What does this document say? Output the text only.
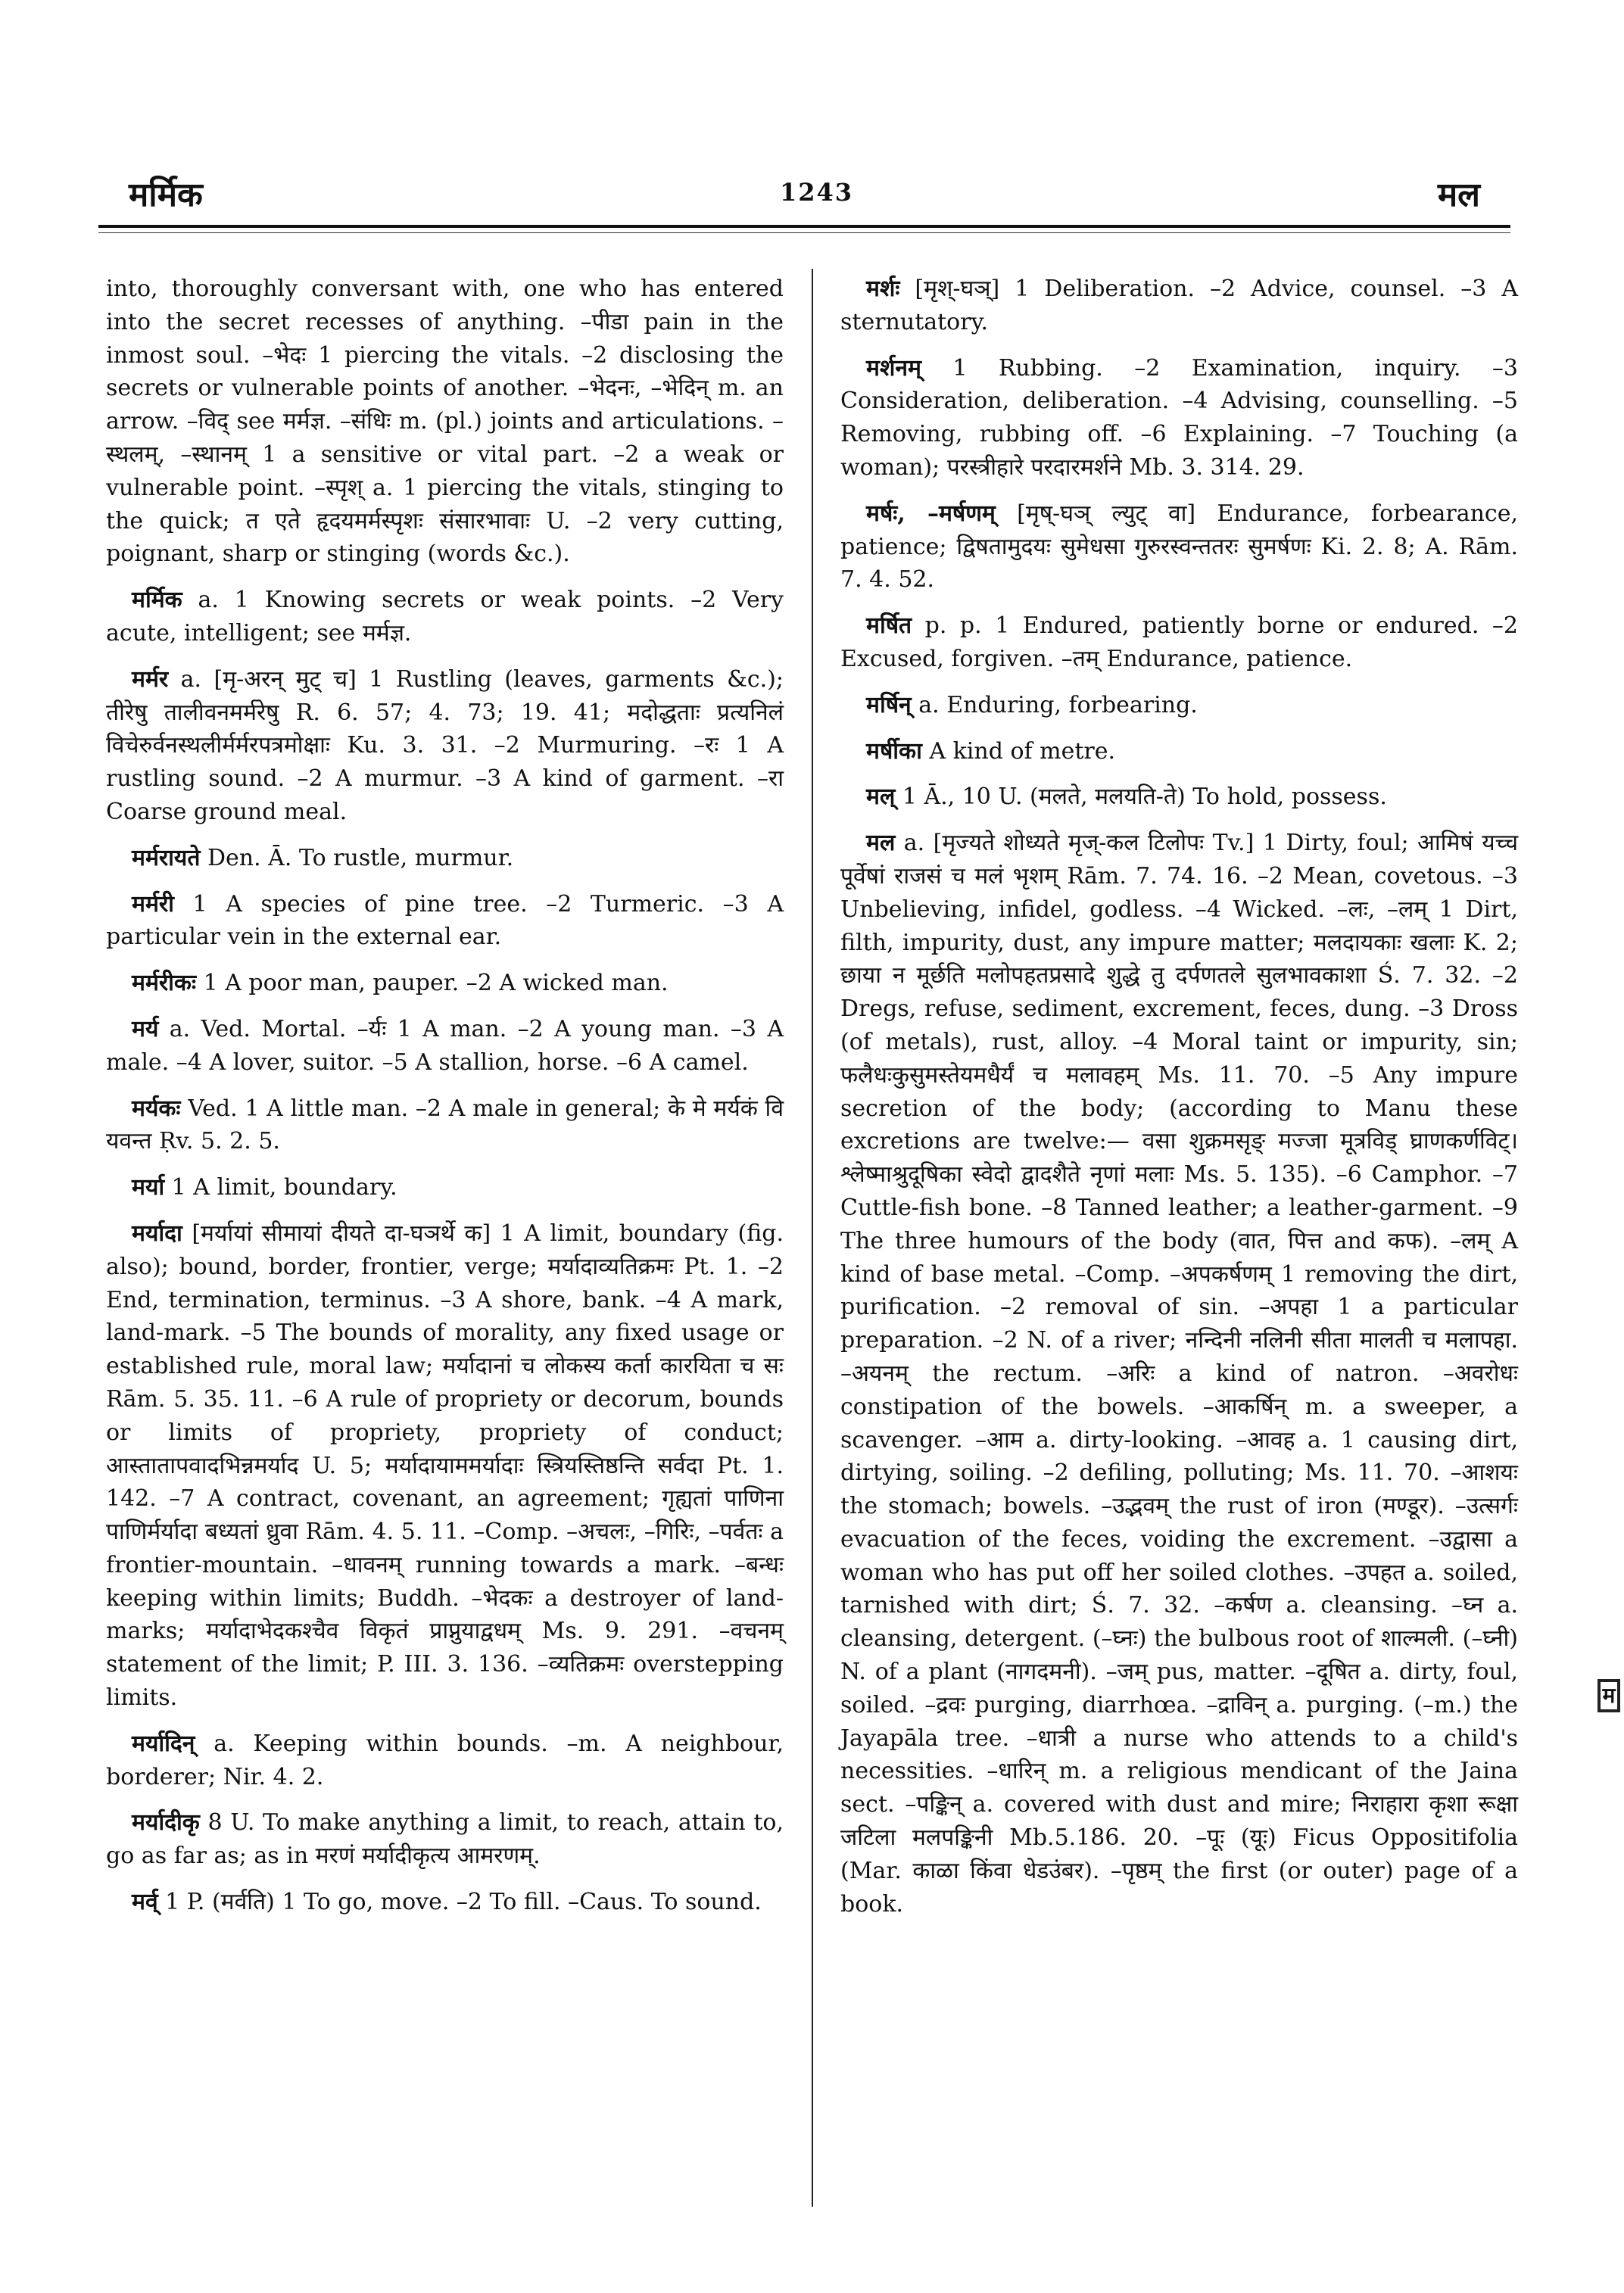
मर्मिक	1243	मल

into, thoroughly conversant with, one who has entered into the secret recesses of anything. –पीडा pain in the inmost soul. –भेदः 1 piercing the vitals. –2 disclosing the secrets or vulnerable points of another. –भेदनः, –भेदिन् m. an arrow. –विद् see मर्मज्ञ. –संधिः m. (pl.) joints and articulations. –स्थलम्, –स्थानम् 1 a sensitive or vital part. –2 a weak or vulnerable point. –स्पृश् a. 1 piercing the vitals, stinging to the quick; त एते हृदयमर्मस्पृशः संसारभावाः U. –2 very cutting, poignant, sharp or stinging (words &c.).

मर्मिक a. 1 Knowing secrets or weak points. –2 Very acute, intelligent; see मर्मज्ञ.

मर्मर a. [मृ-अरन् मुट् च] 1 Rustling (leaves, garments &c.); तीरेषु तालीवनमर्मरेषु R. 6. 57; 4. 73; 19. 41; मदोद्धताः प्रत्यनिलं विचेरुर्वनस्थलीर्मर्मरपत्रमोक्षाः Ku. 3. 31. –2 Murmuring. –रः 1 A rustling sound. –2 A murmur. –3 A kind of garment. –रा Coarse ground meal.

मर्मरायते Den. Ā. To rustle, murmur.

मर्मरी 1 A species of pine tree. –2 Turmeric. –3 A particular vein in the external ear.

मर्मरीकः 1 A poor man, pauper. –2 A wicked man.

मर्य a. Ved. Mortal. –र्यः 1 A man. –2 A young man. –3 A male. –4 A lover, suitor. –5 A stallion, horse. –6 A camel.

मर्यकः Ved. 1 A little man. –2 A male in general; के मे मर्यकं वि यवन्त Ṛv. 5. 2. 5.

मर्या 1 A limit, boundary.

मर्यादा [मर्यायां सीमायां दीयते दा-घञर्थे क] 1 A limit, boundary (fig. also); bound, border, frontier, verge; मर्यादाव्यतिक्रमः Pt. 1. –2 End, termination, terminus. –3 A shore, bank. –4 A mark, land-mark. –5 The bounds of morality, any fixed usage or established rule, moral law; मर्यादानां च लोकस्य कर्ता कारयिता च सः Rām. 5. 35. 11. –6 A rule of propriety or decorum, bounds or limits of propriety, propriety of conduct; आस्तातापवादभिन्नमर्याद U. 5; मर्यादायाममर्यादाः स्त्रियस्तिष्ठन्ति सर्वदा Pt. 1. 142. –7 A contract, covenant, an agreement; गृह्यतां पाणिना पाणिर्मर्यादा बध्यतां ध्रुवा Rām. 4. 5. 11. –Comp. –अचलः, –गिरिः, –पर्वतः a frontier-mountain. –धावनम् running towards a mark. –बन्धः keeping within limits; Buddh. –भेदकः a destroyer of land-marks; मर्यादाभेदकश्चैव विकृतं प्राप्नुयाद्वधम् Ms. 9. 291. –वचनम् statement of the limit; P. III. 3. 136. –व्यतिक्रमः overstepping limits.

मर्यादिन् a. Keeping within bounds. –m. A neighbour, borderer; Nir. 4. 2.

मर्यादीकृ 8 U. To make anything a limit, to reach, attain to, go as far as; as in मरणं मर्यादीकृत्य आमरणम्.

मर्व् 1 P. (मर्वति) 1 To go, move. –2 To fill. –Caus. To sound.

मर्शः [मृश्-घञ्] 1 Deliberation. –2 Advice, counsel. –3 A sternutatory.

मर्शनम् 1 Rubbing. –2 Examination, inquiry. –3 Consideration, deliberation. –4 Advising, counselling. –5 Removing, rubbing off. –6 Explaining. –7 Touching (a woman); परस्त्रीहारे परदारमर्शने Mb. 3. 314. 29.

मर्षः, –मर्षणम् [मृष्-घञ् ल्युट् वा] Endurance, forbearance, patience; द्विषतामुदयः सुमेधसा गुरुरस्वन्ततरः सुमर्षणः Ki. 2. 8; A. Rām. 7. 4. 52.

मर्षित p. p. 1 Endured, patiently borne or endured. –2 Excused, forgiven. –तम् Endurance, patience.

मर्षिन् a. Enduring, forbearing.

मर्षीका A kind of metre.

मल् 1 Ā., 10 U. (मलते, मलयति-ते) To hold, possess.

मल a. [मृज्यते शोध्यते मृज्-कल टिलोपः Tv.] 1 Dirty, foul; आमिषं यच्च पूर्वेषां राजसं च मलं भृशम् Rām. 7. 74. 16. –2 Mean, covetous. –3 Unbelieving, infidel, godless. –4 Wicked. –लः, –लम् 1 Dirt, filth, impurity, dust, any impure matter; मलदायकाः खलाः K. 2; छाया न मूर्छति मलोपहतप्रसादे शुद्धे तु दर्पणतले सुलभावकाशा Ś. 7. 32. –2 Dregs, refuse, sediment, excrement, feces, dung. –3 Dross (of metals), rust, alloy. –4 Moral taint or impurity, sin; फलैधःकुसुमस्तेयमधैर्यं च मलावहम् Ms. 11. 70. –5 Any impure secretion of the body; (according to Manu these excretions are twelve:— वसा शुक्रमसृङ् मज्जा मूत्रविड् घ्राणकर्णविट्। श्लेष्माश्रुदूषिका स्वेदो द्वादशैते नृणां मलाः Ms. 5. 135). –6 Camphor. –7 Cuttle-fish bone. –8 Tanned leather; a leather-garment. –9 The three humours of the body (वात, पित्त and कफ). –लम् A kind of base metal. –Comp. –अपकर्षणम् 1 removing the dirt, purification. –2 removal of sin. –अपहा 1 a particular preparation. –2 N. of a river; नन्दिनी नलिनी सीता मालती च मलापहा. –अयनम् the rectum. –अरिः a kind of natron. –अवरोधः constipation of the bowels. –आकर्षिन् m. a sweeper, a scavenger. –आम a. dirty-looking. –आवह a. 1 causing dirt, dirtying, soiling. –2 defiling, polluting; Ms. 11. 70. –आशयः the stomach; bowels. –उद्भवम् the rust of iron (मण्डूर). –उत्सर्गः evacuation of the feces, voiding the excrement. –उद्वासा a woman who has put off her soiled clothes. –उपहत a. soiled, tarnished with dirt; Ś. 7. 32. –कर्षण a. cleansing. –घ्न a. cleansing, detergent. (–घ्नः) the bulbous root of शाल्मली. (–घ्नी) N. of a plant (नागदमनी). –जम् pus, matter. –दूषित a. dirty, foul, soiled. –द्रवः purging, diarrhœa. –द्राविन् a. purging. (–m.) the Jayapāla tree. –धात्री a nurse who attends to a child's necessities. –धारिन् m. a religious mendicant of the Jaina sect. –पङ्किन् a. covered with dust and mire; निराहारा कृशा रूक्षा जटिला मलपङ्किनी Mb.5.186. 20. –पूः (यूः) Ficus Oppositifolia (Mar. काळा किंवा धेडउंबर). –पृष्ठम् the first (or outer) page of a book.

म
